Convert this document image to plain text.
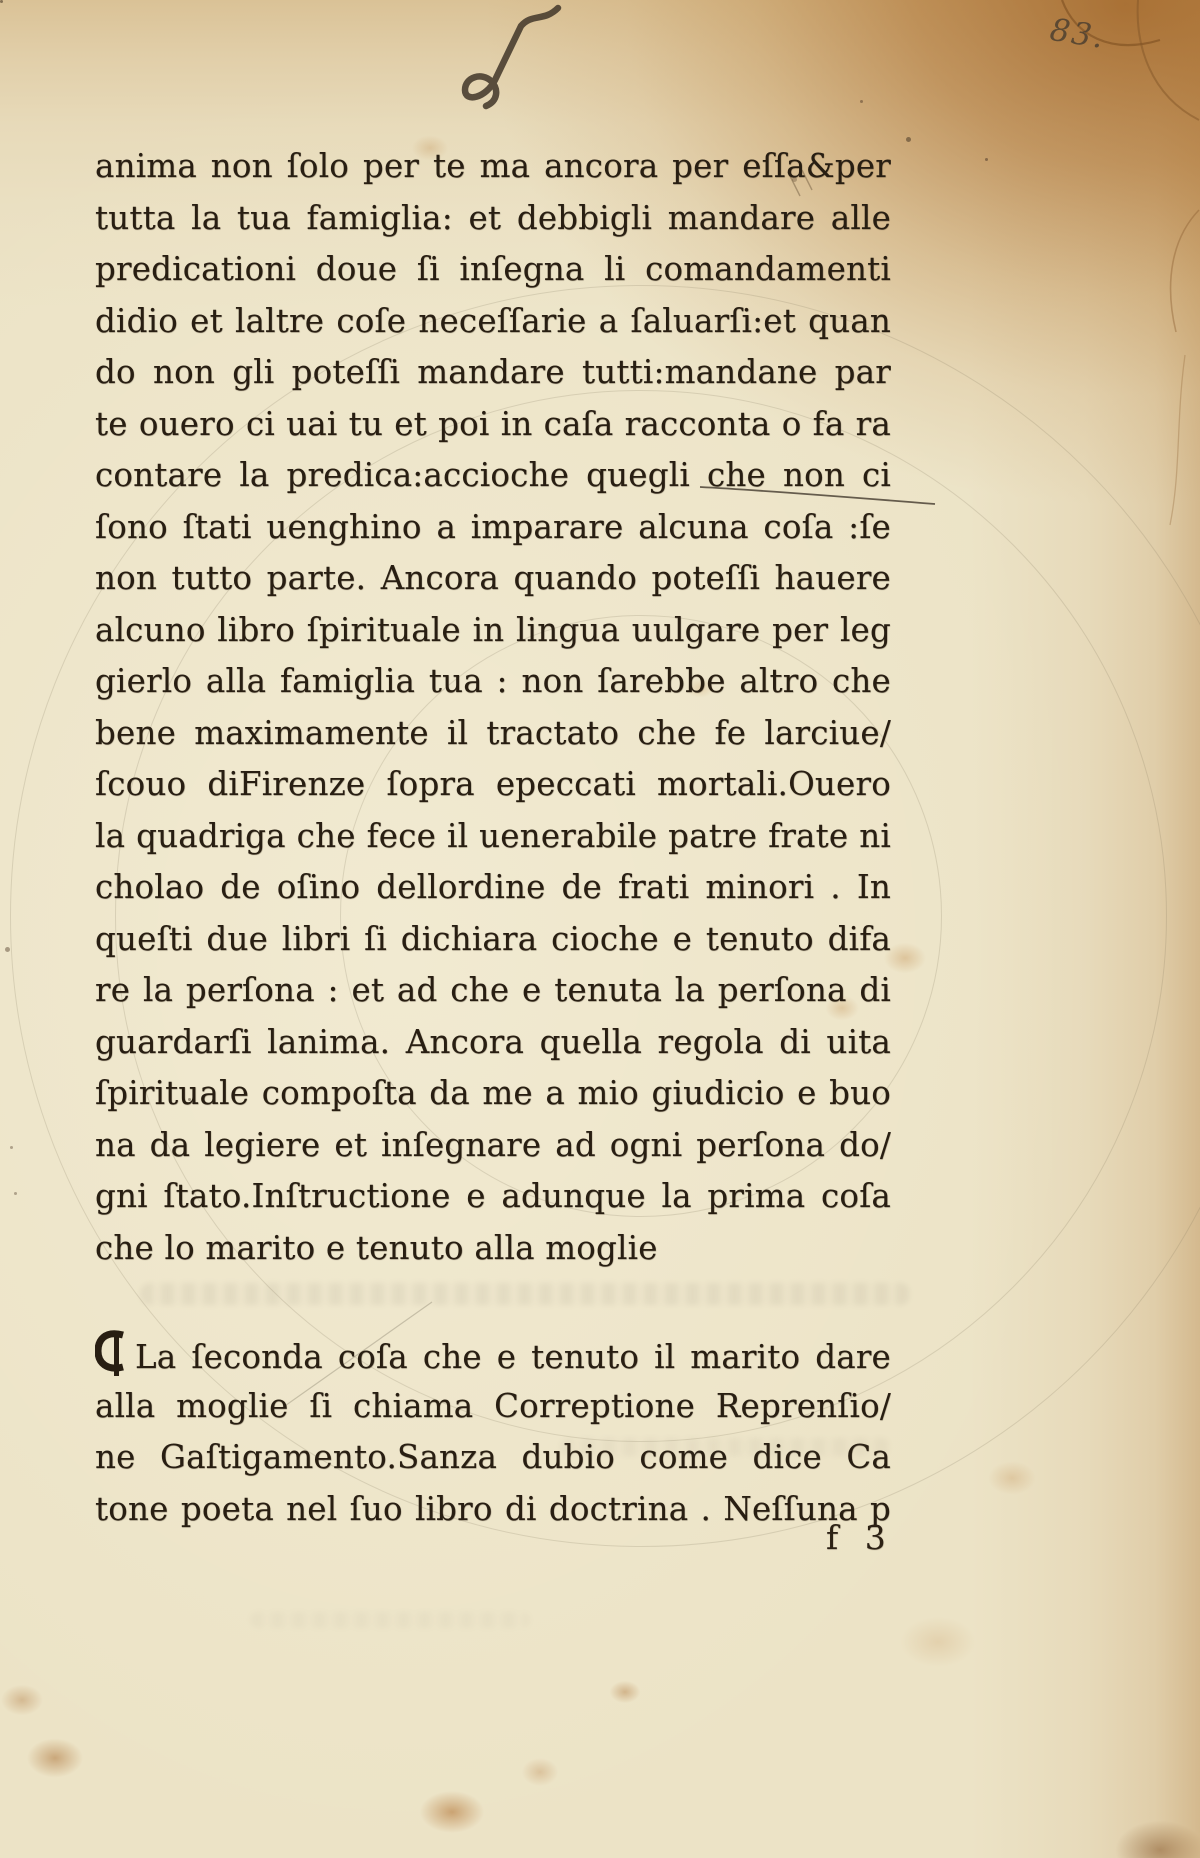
83.
anima non ſolo per te ma ancora per eſſa&per
tutta la tua famiglia: et debbigli mandare alle
predicationi doue ſi inſegna li comandamenti
didio et laltre coſe neceſſarie a ſaluarſi:et quan
do non gli poteſſi mandare tutti:mandane par
te ouero ci uai tu et poi in caſa racconta o fa ra
contare la predica:accioche quegli che non ci
ſono ſtati uenghino a imparare alcuna coſa :ſe
non tutto parte. Ancora quando poteſſi hauere
alcuno libro ſpirituale in lingua uulgare per leg
gierlo alla famiglia tua : non ſarebbe altro che
bene maximamente il tractato che fe larciue/
ſcouo diFirenze ſopra epeccati mortali.Ouero
la quadriga che fece il uenerabile patre frate ni
cholao de oſino dellordine de frati minori . In
queſti due libri ſi dichiara cioche e tenuto difa
re la perſona : et ad che e tenuta la perſona di
guardarſi lanima. Ancora quella regola di uita
ſpirituale compoſta da me a mio giudicio e buo
na da legiere et inſegnare ad ogni perſona do/
gni ſtato.Inſtructione e adunque la prima coſa
che lo marito e tenuto alla moglie
La ſeconda coſa che e tenuto il marito dare
alla moglie ſi chiama Correptione Reprenſio/
ne Gaſtigamento.Sanza dubio come dice Ca
tone poeta nel ſuo libro di doctrina . Neſſuna p
f 3
